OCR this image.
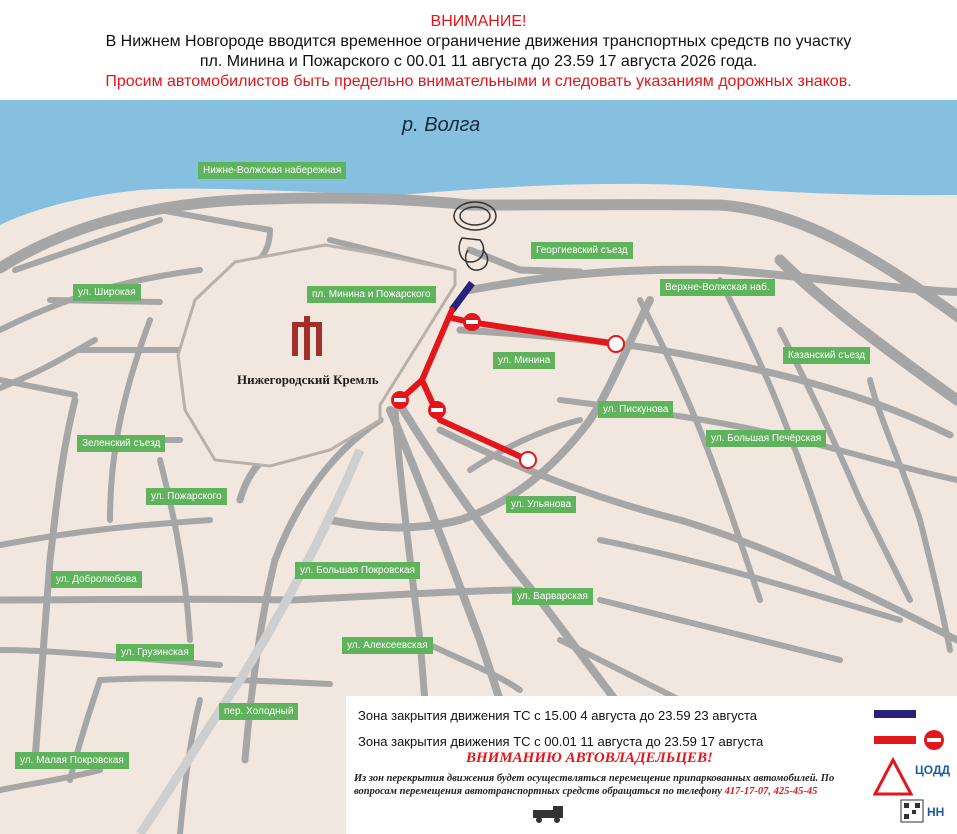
ВНИМАНИЕ!
В Нижнем Новгороде вводится временное ограничение движения транспортных средств по участку
пл. Минина и Пожарского с 00.01 11 августа до 23.59 17 августа 2026 года.
Просим автомобилистов быть предельно внимательными и следовать указаниям дорожных знаков.
р. Волга
Нижегородский Кремль
Нижне-Волжская набережная
Георгиевский съезд
пл. Минина и Пожарского
Верхне-Волжская наб.
ул. Широкая
ул. Минина	Казанский съезд
ул. Пискунова
Зеленский съезд	ул. Большая Печёрская
ул. Пожарского
ул. Ульянова
ул. Большая Покровская
ул. Добролюбова
ул. Варварская
ул. Алексеевская
ул. Грузинская
пер. Холодный
ул. Малая Покровская
Зона закрытия движения ТС с 15.00 4 августа до 23.59 23 августа
Зона закрытия движения ТС с 00.01 11 августа до 23.59 17 августа
ВНИМАНИЮ АВТОВЛАДЕЛЬЦЕВ!
Из зон перекрытия движения будет осуществляться перемещение припаркованных автомобилей. По вопросам перемещения автотранспортных средств обращаться по телефону 417-17-07, 425-45-45
ЦОДД
НН
